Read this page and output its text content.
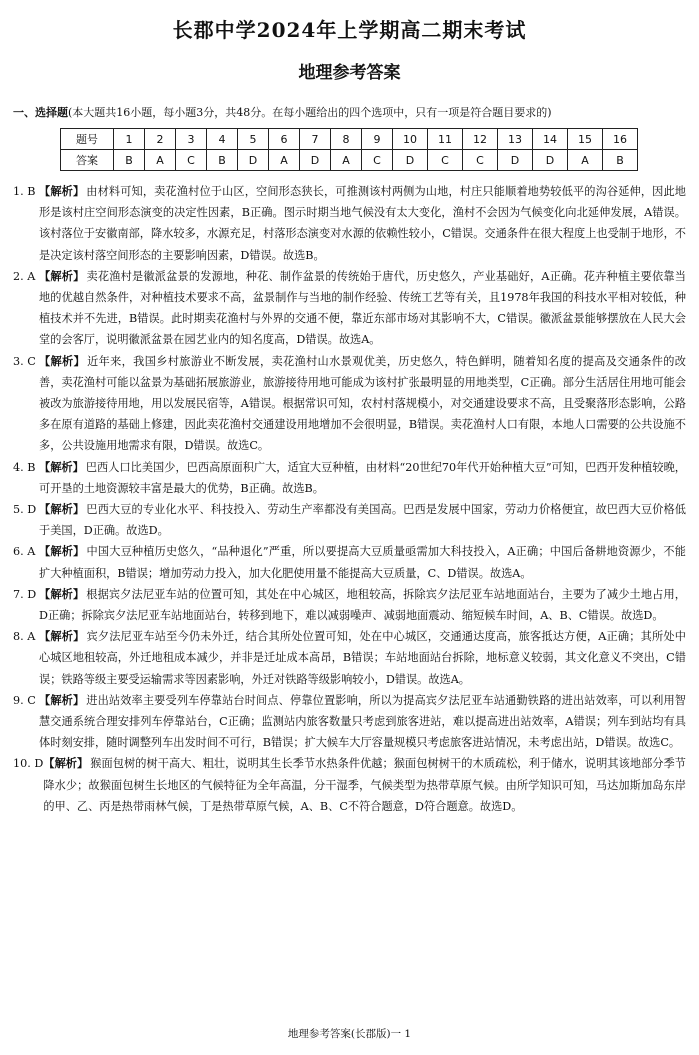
长郡中学2024年上学期高二期末考试
地理参考答案
一、选择题(本大题共16小题，每小题3分，共48分。在每小题给出的四个选项中，只有一项是符合题目要求的)
题号	1	2	3	4	5	6	7	8	9	10	11	12	13	14	15	16
答案	B	A	C	B	D	A	D	A	C	D	C	C	D	D	A	B
1. B 【解析】 由材料可知，卖花渔村位于山区，空间形态狭长，可推测该村两侧为山地，村庄只能顺着地势较低平的沟谷延伸，因此地形是该村庄空间形态演变的决定性因素，B正确。图示时期当地气候没有太大变化，渔村不会因为气候变化向北延伸发展，A错误。该村落位于安徽南部，降水较多，水源充足，村落形态演变对水源的依赖性较小，C错误。交通条件在很大程度上也受制于地形，不是决定该村落空间形态的主要影响因素，D错误。故选B。
2. A 【解析】 卖花渔村是徽派盆景的发源地，种花、制作盆景的传统始于唐代，历史悠久，产业基础好，A正确。花卉种植主要依靠当地的优越自然条件，对种植技术要求不高，盆景制作与当地的制作经验、传统工艺等有关，且1978年我国的科技水平相对较低，种植技术并不先进，B错误。此时期卖花渔村与外界的交通不便，靠近东部市场对其影响不大，C错误。徽派盆景能够摆放在人民大会堂的会客厅，说明徽派盆景在园艺业内的知名度高，D错误。故选A。
3. C 【解析】 近年来，我国乡村旅游业不断发展，卖花渔村山水景观优美，历史悠久，特色鲜明，随着知名度的提高及交通条件的改善，卖花渔村可能以盆景为基础拓展旅游业，旅游接待用地可能成为该村扩张最明显的用地类型，C正确。部分生活居住用地可能会被改为旅游接待用地，用以发展民宿等，A错误。根据常识可知，农村村落规模小，对交通建设要求不高，且受聚落形态影响，公路多在原有道路的基础上修建，因此卖花渔村交通建设用地增加不会很明显，B错误。卖花渔村人口有限，本地人口需要的公共设施不多，公共设施用地需求有限，D错误。故选C。
4. B 【解析】 巴西人口比美国少，巴西高原面积广大，适宜大豆种植，由材料“20世纪70年代开始种植大豆”可知，巴西开发种植较晚，可开垦的土地资源较丰富是最大的优势，B正确。故选B。
5. D 【解析】 巴西大豆的专业化水平、科技投入、劳动生产率都没有美国高。巴西是发展中国家，劳动力价格便宜，故巴西大豆价格低于美国，D正确。故选D。
6. A 【解析】 中国大豆种植历史悠久，“品种退化”严重，所以要提高大豆质量亟需加大科技投入，A正确；中国后备耕地资源少，不能扩大种植面积，B错误；增加劳动力投入，加大化肥使用量不能提高大豆质量，C、D错误。故选A。
7. D 【解析】 根据宾夕法尼亚车站的位置可知，其处在中心城区，地租较高，拆除宾夕法尼亚车站地面站台，主要为了减少土地占用，D正确；拆除宾夕法尼亚车站地面站台，转移到地下，难以减弱噪声、减弱地面震动、缩短候车时间，A、B、C错误。故选D。
8. A 【解析】 宾夕法尼亚车站至今仍未外迁，结合其所处位置可知，处在中心城区，交通通达度高，旅客抵达方便，A正确；其所处中心城区地租较高，外迁地租成本减少，并非是迁址成本高昂，B错误；车站地面站台拆除，地标意义较弱，其文化意义不突出，C错误；铁路等级主要受运输需求等因素影响，外迁对铁路等级影响较小，D错误。故选A。
9. C 【解析】 进出站效率主要受列车停靠站台时间点、停靠位置影响，所以为提高宾夕法尼亚车站通勤铁路的进出站效率，可以利用智慧交通系统合理安排列车停靠站台，C正确；监测站内旅客数量只考虑到旅客进站，难以提高进出站效率，A错误；列车到站均有具体时刻安排，随时调整列车出发时间不可行，B错误；扩大候车大厅容量规模只考虑旅客进站情况，未考虑出站，D错误。故选C。
10. D 【解析】 猴面包树的树干高大、粗壮，说明其生长季节水热条件优越；猴面包树树干的木质疏松，利于储水，说明其该地部分季节降水少；故猴面包树生长地区的气候特征为全年高温，分干湿季，气候类型为热带草原气候。由所学知识可知，马达加斯加岛东岸的甲、乙、丙是热带雨林气候，丁是热带草原气候，A、B、C不符合题意，D符合题意。故选D。
地理参考答案(长郡版)一 1
